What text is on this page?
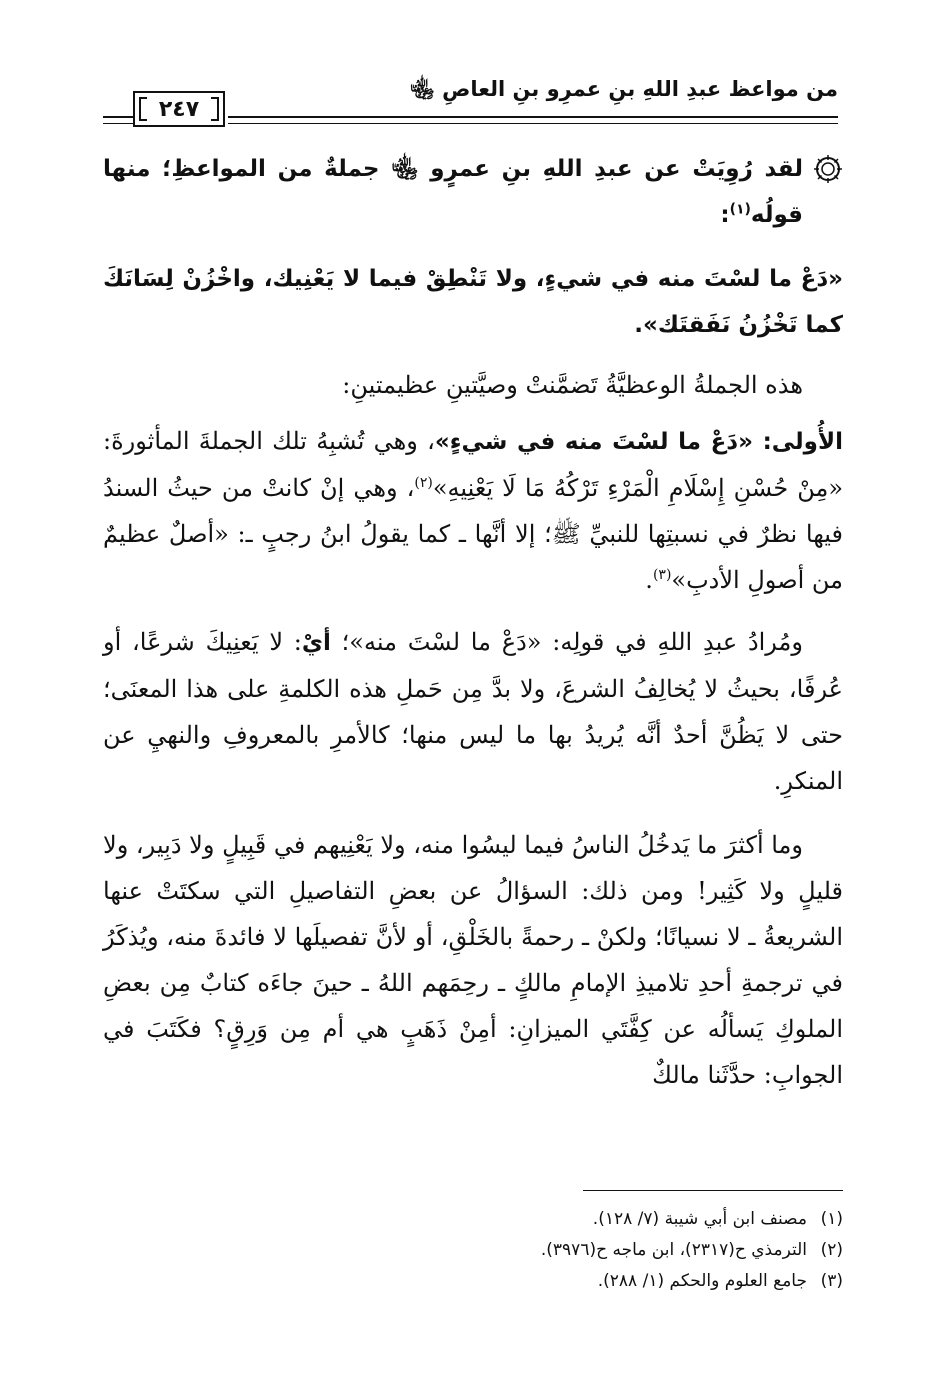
من مواعظ عبدِ اللهِ بنِ عمرِو بنِ العاصِ ﵄
٢٤٧

لقد رُوِيَتْ عن عبدِ اللهِ بنِ عمرٍو ﵄ جملةٌ من المواعظِ؛ منها قولُه$^{(١)}$:

«دَعْ ما لسْتَ منه في شيءٍ، ولا تَنْطِقْ فيما لا يَعْنِيك، واخْزُنْ لِسَانَكَ كما تَخْزُنُ نَفَقتَك».

هذه الجملةُ الوعظيَّةُ تَضمَّنتْ وصيَّتينِ عظيمتينِ:

الأُولى: «دَعْ ما لسْتَ منه في شيءٍ»، وهي تُشبِهُ تلك الجملةَ المأثورةَ: «مِنْ حُسْنِ إِسْلَامِ الْمَرْءِ تَرْكُهُ مَا لَا يَعْنِيهِ»$^{(٢)}$، وهي إنْ كانتْ من حيثُ السندُ فيها نظرٌ في نسبتِها للنبيِّ ﷺ؛ إلا أنَّها ـ كما يقولُ ابنُ رجبٍ ـ: «أصلٌ عظيمٌ من أصولِ الأدبِ»$^{(٣)}$.

ومُرادُ عبدِ اللهِ في قولِه: «دَعْ ما لسْتَ منه»؛ أيْ: لا يَعنِيكَ شرعًا، أو عُرفًا، بحيثُ لا يُخالِفُ الشرعَ، ولا بدَّ مِن حَملِ هذه الكلمةِ على هذا المعنَى؛ حتى لا يَظُنَّ أحدٌ أنَّه يُريدُ بها ما ليس منها؛ كالأمرِ بالمعروفِ والنهيِ عن المنكرِ.

وما أكثرَ ما يَدخُلُ الناسُ فيما ليسُوا منه، ولا يَعْنِيهم في قَبِيلٍ ولا دَبِير، ولا قليلٍ ولا كَثِير! ومن ذلك: السؤالُ عن بعضِ التفاصيلِ التي سكتَتْ عنها الشريعةُ ـ لا نسيانًا؛ ولكنْ ـ رحمةً بالخَلْقِ، أو لأنَّ تفصيلَها لا فائدةَ منه، ويُذكَرُ في ترجمةِ أحدِ تلاميذِ الإمامِ مالكٍ ـ رحِمَهم اللهُ ـ حينَ جاءَه كتابٌ مِن بعضِ الملوكِ يَسألُه عن كِفَّتَي الميزانِ: أمِنْ ذَهَبٍ هي أم مِن وَرِقٍ؟ فكَتَبَ في الجوابِ: حدَّثَنا مالكٌ

(١)مصنف ابن أبي شيبة (٧/ ١٢٨).

(٢)الترمذي ح(٢٣١٧)، ابن ماجه ح(٣٩٧٦).

(٣)جامع العلوم والحكم (١/ ٢٨٨).
